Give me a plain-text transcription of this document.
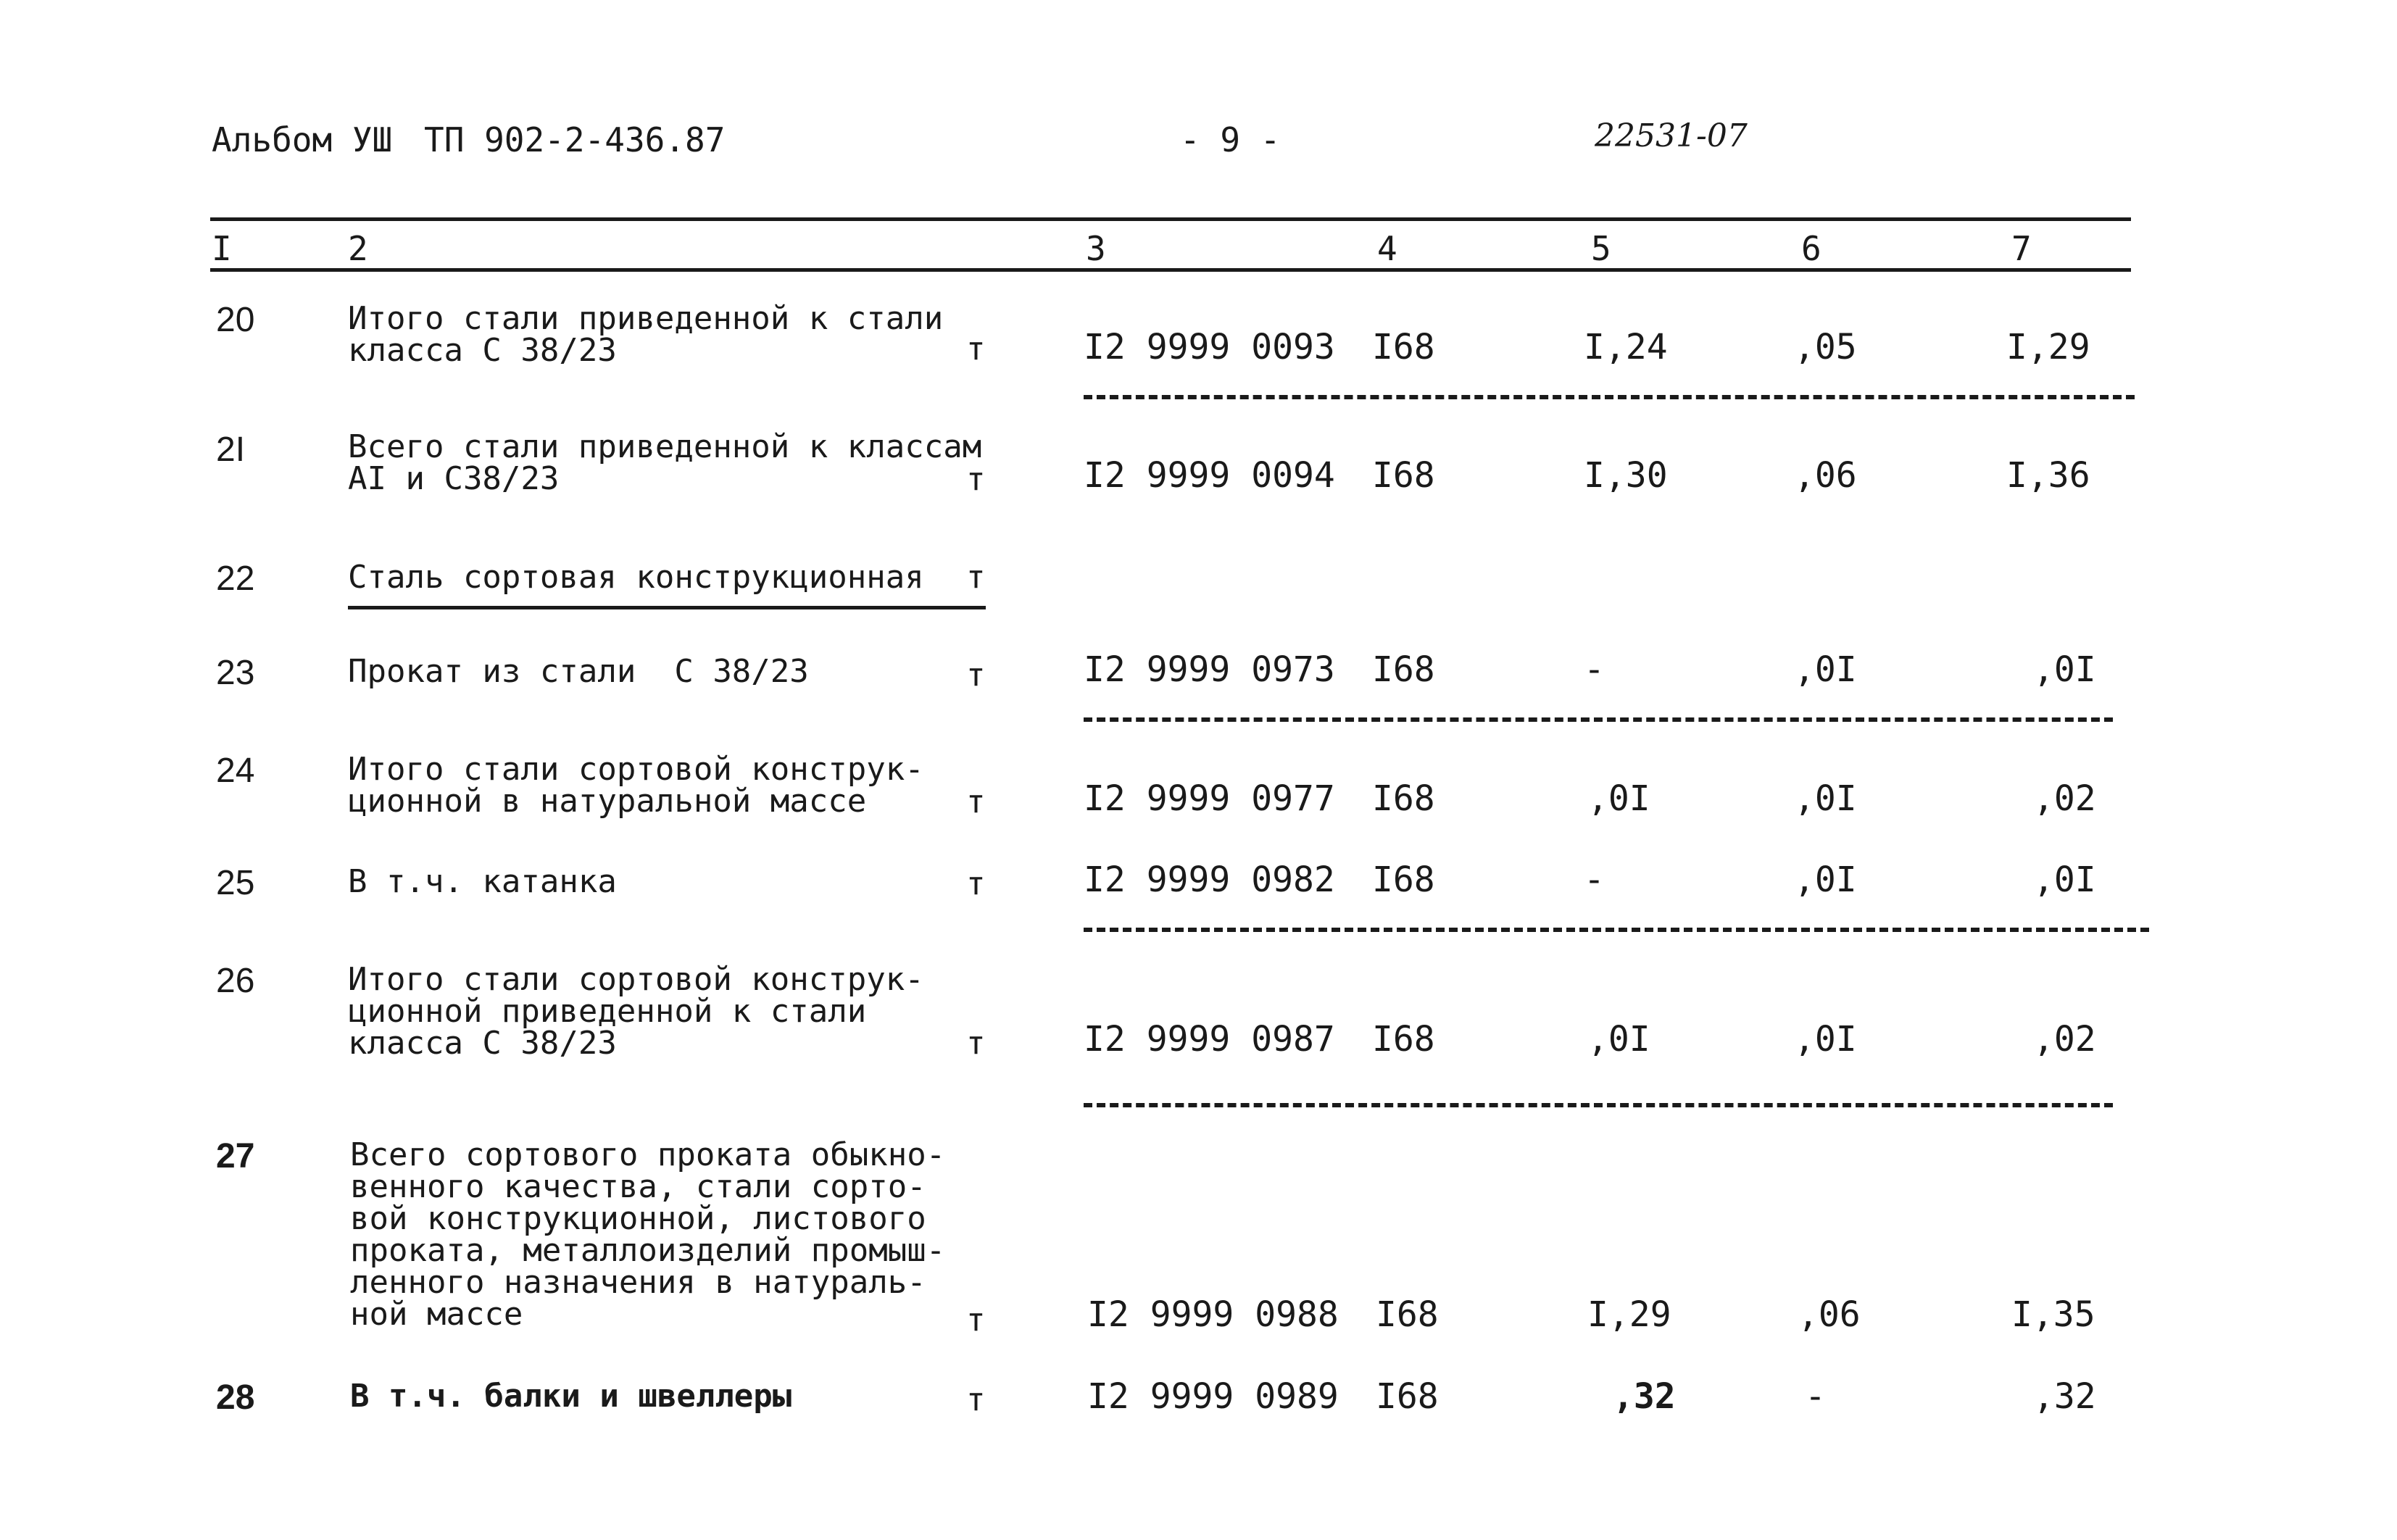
Альбом УШ ТП 902-2-436.87	- 9 -	22531-07
I	2	3	4	5	6	7
20	Итого стали приведенной к стали
класса С 38/23	т	I2 9999 0093 I68	I,24	,05	I,29
2I	Всего стали приведенной к классам
AI и С38/23	т	I2 9999 0094 I68	I,30	,06	I,36
22	Сталь сортовая конструкционная т
23	Прокат из стали  С 38/23	т	I2 9999 0973 I68	-	,0I	,0I
24	Итого стали сортовой конструк-
ционной в натуральной массе	т	I2 9999 0977 I68	,0I	,0I	,02
25	В т.ч. катанка	т	I2 9999 0982 I68	-	,0I	,0I
26	Итого стали сортовой конструк-
ционной приведенной к стали
класса С 38/23	т	I2 9999 0987 I68	,0I	,0I	,02
27	Всего сортового проката обыкно-
венного качества, стали сорто-
вой конструкционной, листового
проката, металлоизделий промыш-
ленного назначения в натураль-
ной массе	т	I2 9999 0988 I68	I,29	,06	I,35
28	В т.ч. балки и швеллеры	т	I2 9999 0989 I68	,32	-	,32
